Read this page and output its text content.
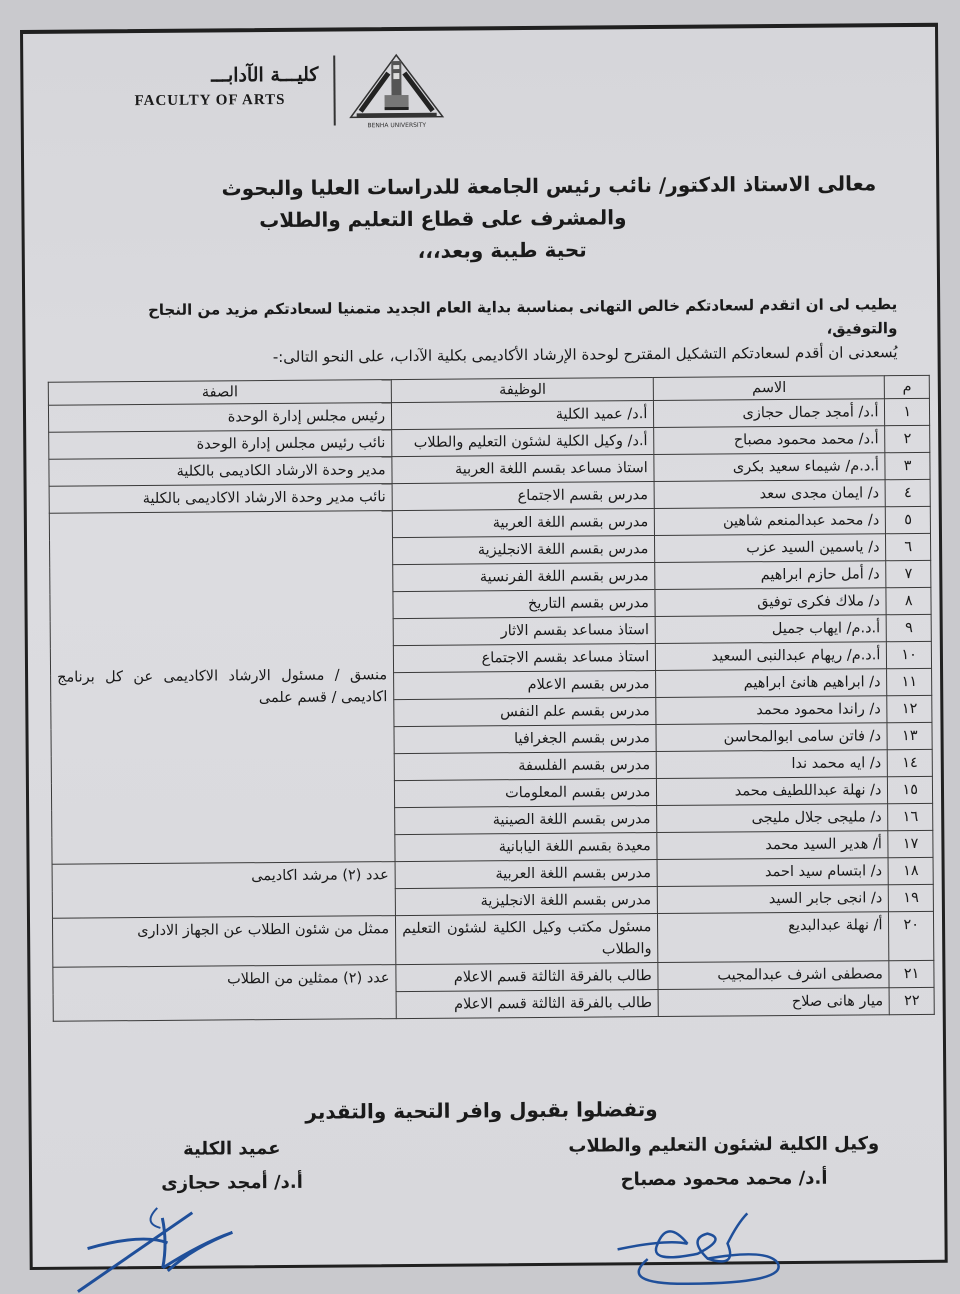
كليـــة الآدابـــ
FACULTY OF ARTS
BENHA UNIVERSITY
معالى الاستاذ الدكتور/ نائب رئيس الجامعة للدراسات العليا والبحوث
والمشرف على قطاع التعليم والطلاب
تحية طيبة وبعد،،،
يطيب لى ان اتقدم لسعادتكم خالص التهانى بمناسبة بداية العام الجديد متمنيا لسعادتكم مزيد من النجاح والتوفيق،
يُسعدنى ان أقدم لسعادتكم التشكيل المقترح لوحدة الإرشاد الأكاديمى بكلية الآداب، على النحو التالى:-
م	الاسم	الوظيفة	الصفة
١	أ.د/ أمجد جمال حجازى	أ.د/ عميد الكلية	رئيس مجلس إدارة الوحدة
٢	أ.د/ محمد محمود مصباح	أ.د/ وكيل الكلية لشئون التعليم والطلاب	نائب رئيس مجلس إدارة الوحدة
٣	أ.د.م/ شيماء سعيد بكرى	استاذ مساعد بقسم اللغة العربية	مدير وحدة الارشاد الكاديمى بالكلية
٤	د/ ايمان مجدى سعد	مدرس بقسم الاجتماع	نائب مدير وحدة الارشاد الاكاديمى بالكلية
٥	د/ محمد عبدالمنعم شاهين	مدرس بقسم اللغة العربية	منسق / مسئول الارشاد الاكاديمى عن كل برنامج اكاديمى / قسم علمى
٦	د/ ياسمين السيد عزب	مدرس بقسم اللغة الانجليزية	
٧	د/ أمل حازم ابراهيم	مدرس بقسم اللغة الفرنسية	
٨	د/ ملاك فكرى توفيق	مدرس بقسم التاريخ	
٩	أ.د.م/ ايهاب جميل	استاذ مساعد بقسم الاثار	
١٠	أ.د.م/ ريهام عبدالنبى السعيد	استاذ مساعد بقسم الاجتماع	
١١	د/ ابراهيم هانئ ابراهيم	مدرس بقسم الاعلام	
١٢	د/ راندا محمود محمد	مدرس بقسم علم النفس	
١٣	د/ فاتن سامى ابوالمحاسن	مدرس بقسم الجغرافيا	
١٤	د/ ايه محمد ندا	مدرس بقسم الفلسفة	
١٥	د/ نهلة عبداللطيف محمد	مدرس بقسم المعلومات	
١٦	د/ مليجى جلال مليجى	مدرس بقسم اللغة الصينية	
١٧	أ/ هدير السيد محمد	معيدة بقسم اللغة اليابانية	
١٨	د/ ابتسام سيد احمد	مدرس بقسم اللغة العربية	عدد (٢) مرشد اكاديمى
١٩	د/ انجى جابر السيد	مدرس بقسم اللغة الانجليزية	
٢٠	أ/ نهلة عبدالبديع	مسئول مكتب وكيل الكلية لشئون التعليم والطلاب	ممثل من شئون الطلاب عن الجهاز الادارى
٢١	مصطفى اشرف عبدالمجيب	طالب بالفرقة الثالثة قسم الاعلام	عدد (٢) ممثلين من الطلاب
٢٢	ميار هانى صلاح	طالب بالفرقة الثالثة قسم الاعلام	
وتفضلوا بقبول وافر التحية والتقدير
وكيل الكلية لشئون التعليم والطلاب
أ.د/ محمد محمود مصباح
عميد الكلية
أ.د/ أمجد حجازى
